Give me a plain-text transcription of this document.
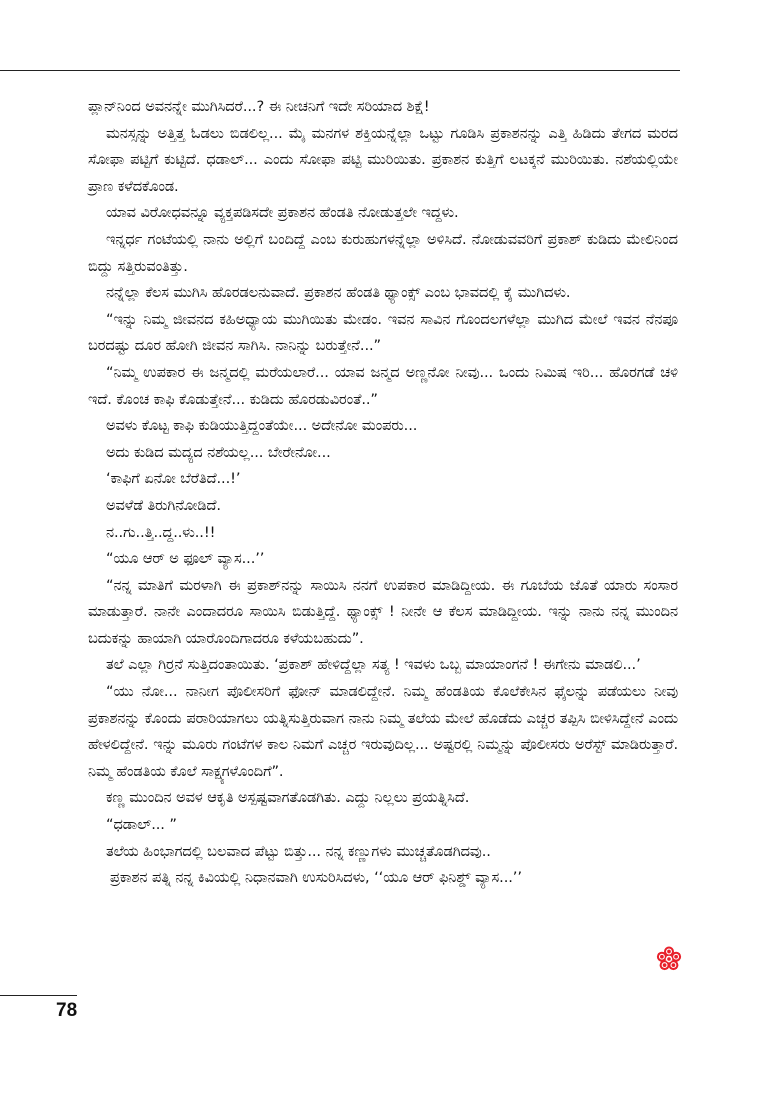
ಪ್ಲಾನ್‌ನಿಂದ ಅವನನ್ನೇ ಮುಗಿಸಿದರೆ...? ಈ ನೀಚನಿಗೆ ಇದೇ ಸರಿಯಾದ ಶಿಕ್ಷೆ!

ಮನಸ್ಸನ್ನು ಅತ್ತಿತ್ತ ಓಡಲು ಬಿಡಲಿಲ್ಲ... ಮೈ ಮನಗಳ ಶಕ್ತಿಯನ್ನೆಲ್ಲಾ ಒಟ್ಟು ಗೂಡಿಸಿ ಪ್ರಕಾಶನನ್ನು ಎತ್ತಿ ಹಿಡಿದು ತೇಗದ ಮರದ ಸೋಫಾ ಪಟ್ಟಿಗೆ ಕುಟ್ಟಿದೆ. ಧಡಾಲ್... ಎಂದು ಸೋಫಾ ಪಟ್ಟಿ ಮುರಿಯಿತು. ಪ್ರಕಾಶನ ಕುತ್ತಿಗೆ ಲಟಕ್ಕನೆ ಮುರಿಯಿತು. ನಶೆಯಲ್ಲಿಯೇ ಪ್ರಾಣ ಕಳೆದಕೊಂಡ.

ಯಾವ ವಿರೋಧವನ್ನೂ ವ್ಯಕ್ತಪಡಿಸದೇ ಪ್ರಕಾಶನ ಹೆಂಡತಿ ನೋಡುತ್ತಲೇ ಇದ್ದಳು.

ಇನ್ನರ್ಧ ಗಂಟೆಯಲ್ಲಿ ನಾನು ಅಲ್ಲಿಗೆ ಬಂದಿದ್ದೆ ಎಂಬ ಕುರುಹುಗಳನ್ನೆಲ್ಲಾ ಅಳಿಸಿದೆ. ನೋಡುವವರಿಗೆ ಪ್ರಕಾಶ್ ಕುಡಿದು ಮೇಲಿನಿಂದ ಬಿದ್ದು ಸತ್ತಿರುವಂತಿತ್ತು.

ನನ್ನೆಲ್ಲಾ ಕೆಲಸ ಮುಗಿಸಿ ಹೊರಡಲನುವಾದೆ. ಪ್ರಕಾಶನ ಹೆಂಡತಿ ಥ್ಯಾಂಕ್ಸ್ ಎಂಬ ಭಾವದಲ್ಲಿ ಕೈ ಮುಗಿದಳು.

“ಇನ್ನು ನಿಮ್ಮ ಜೀವನದ ಕಹಿಅಧ್ಯಾಯ ಮುಗಿಯಿತು ಮೇಡಂ. ಇವನ ಸಾವಿನ ಗೊಂದಲಗಳೆಲ್ಲಾ ಮುಗಿದ ಮೇಲೆ ಇವನ ನೆನಪೂ ಬರದಷ್ಟು ದೂರ ಹೋಗಿ ಜೀವನ ಸಾಗಿಸಿ. ನಾನಿನ್ನು ಬರುತ್ತೇನೆ...”

“ನಿಮ್ಮ ಉಪಕಾರ ಈ ಜನ್ಮದಲ್ಲಿ ಮರೆಯಲಾರೆ... ಯಾವ ಜನ್ಮದ ಅಣ್ಣನೋ ನೀವು... ಒಂದು ನಿಮಿಷ ಇರಿ... ಹೊರಗಡೆ ಚಳಿ ಇದೆ. ಕೊಂಚ ಕಾಫಿ ಕೊಡುತ್ತೇನೆ... ಕುಡಿದು ಹೊರಡುವಿರಂತೆ..”

ಅವಳು ಕೊಟ್ಟ ಕಾಫಿ ಕುಡಿಯುತ್ತಿದ್ದಂತೆಯೇ... ಅದೇನೋ ಮಂಪರು...

ಅದು ಕುಡಿದ ಮದ್ಯದ ನಶೆಯಲ್ಲ... ಬೇರೇನೋ...

‘ಕಾಫಿಗೆ ಏನೋ ಬೆರೆತಿದೆ...!’

ಅವಳೆಡೆ ತಿರುಗಿನೋಡಿದೆ.

ನ..ಗು..ತ್ತಿ..ದ್ದ..ಳು..!!

“ಯೂ ಆರ್ ಅ ಫೂಲ್ ವ್ಯಾಸ...’’

“ನನ್ನ ಮಾತಿಗೆ ಮರಳಾಗಿ ಈ ಪ್ರಕಾಶ್‌ನನ್ನು ಸಾಯಿಸಿ ನನಗೆ ಉಪಕಾರ ಮಾಡಿದ್ದೀಯ. ಈ ಗೂಬೆಯ ಜೊತೆ ಯಾರು ಸಂಸಾರ ಮಾಡುತ್ತಾರೆ. ನಾನೇ ಎಂದಾದರೂ ಸಾಯಿಸಿ ಬಿಡುತ್ತಿದ್ದೆ. ಥ್ಯಾಂಕ್ಸ್ ! ನೀನೇ ಆ ಕೆಲಸ ಮಾಡಿದ್ದೀಯ. ಇನ್ನು ನಾನು ನನ್ನ ಮುಂದಿನ ಬದುಕನ್ನು ಹಾಯಾಗಿ ಯಾರೊಂದಿಗಾದರೂ ಕಳೆಯಬಹುದು”.

ತಲೆ ಎಲ್ಲಾ ಗಿರ್ರನೆ ಸುತ್ತಿದಂತಾಯಿತು. ‘ಪ್ರಕಾಶ್ ಹೇಳಿದ್ದೆಲ್ಲಾ ಸತ್ಯ ! ಇವಳು ಒಬ್ಬ ಮಾಯಾಂಗನೆ ! ಈಗೇನು ಮಾಡಲಿ...’

“ಯು ನೋ... ನಾನೀಗ ಪೊಲೀಸರಿಗೆ ಫೋನ್ ಮಾಡಲಿದ್ದೇನೆ. ನಿಮ್ಮ ಹೆಂಡತಿಯ ಕೊಲೆಕೇಸಿನ ಫೈಲನ್ನು ಪಡೆಯಲು ನೀವು ಪ್ರಕಾಶನನ್ನು ಕೊಂದು ಪರಾರಿಯಾಗಲು ಯತ್ನಿಸುತ್ತಿರುವಾಗ ನಾನು ನಿಮ್ಮ ತಲೆಯ ಮೇಲೆ ಹೊಡೆದು ಎಚ್ಚರ ತಪ್ಪಿಸಿ ಬೀಳಿಸಿದ್ದೇನೆ ಎಂದು ಹೇಳಲಿದ್ದೇನೆ. ಇನ್ನು ಮೂರು ಗಂಟೆಗಳ ಕಾಲ ನಿಮಗೆ ಎಚ್ಚರ ಇರುವುದಿಲ್ಲ... ಅಷ್ಟರಲ್ಲಿ ನಿಮ್ಮನ್ನು ಪೊಲೀಸರು ಅರೆಸ್ಟ್ ಮಾಡಿರುತ್ತಾರೆ. ನಿಮ್ಮ ಹೆಂಡತಿಯ ಕೊಲೆ ಸಾಕ್ಷ್ಯಗಳೊಂದಿಗೆ”.

ಕಣ್ಣ ಮುಂದಿನ ಅವಳ ಆಕೃತಿ ಅಸ್ಪಷ್ಟವಾಗತೊಡಗಿತು. ಎದ್ದು ನಿಲ್ಲಲು ಪ್ರಯತ್ನಿಸಿದೆ.

“ಧಡಾಲ್... ”

ತಲೆಯ ಹಿಂಭಾಗದಲ್ಲಿ ಬಲವಾದ ಪೆಟ್ಟು ಬಿತ್ತು... ನನ್ನ ಕಣ್ಣುಗಳು ಮುಚ್ಚತೊಡಗಿದವು..

ಪ್ರಕಾಶನ ಪತ್ನಿ ನನ್ನ ಕಿವಿಯಲ್ಲಿ ನಿಧಾನವಾಗಿ ಉಸುರಿಸಿದಳು, ‘‘ಯೂ ಆರ್ ಫಿನಿಶ್ಡ್ ವ್ಯಾಸ...’’

78
